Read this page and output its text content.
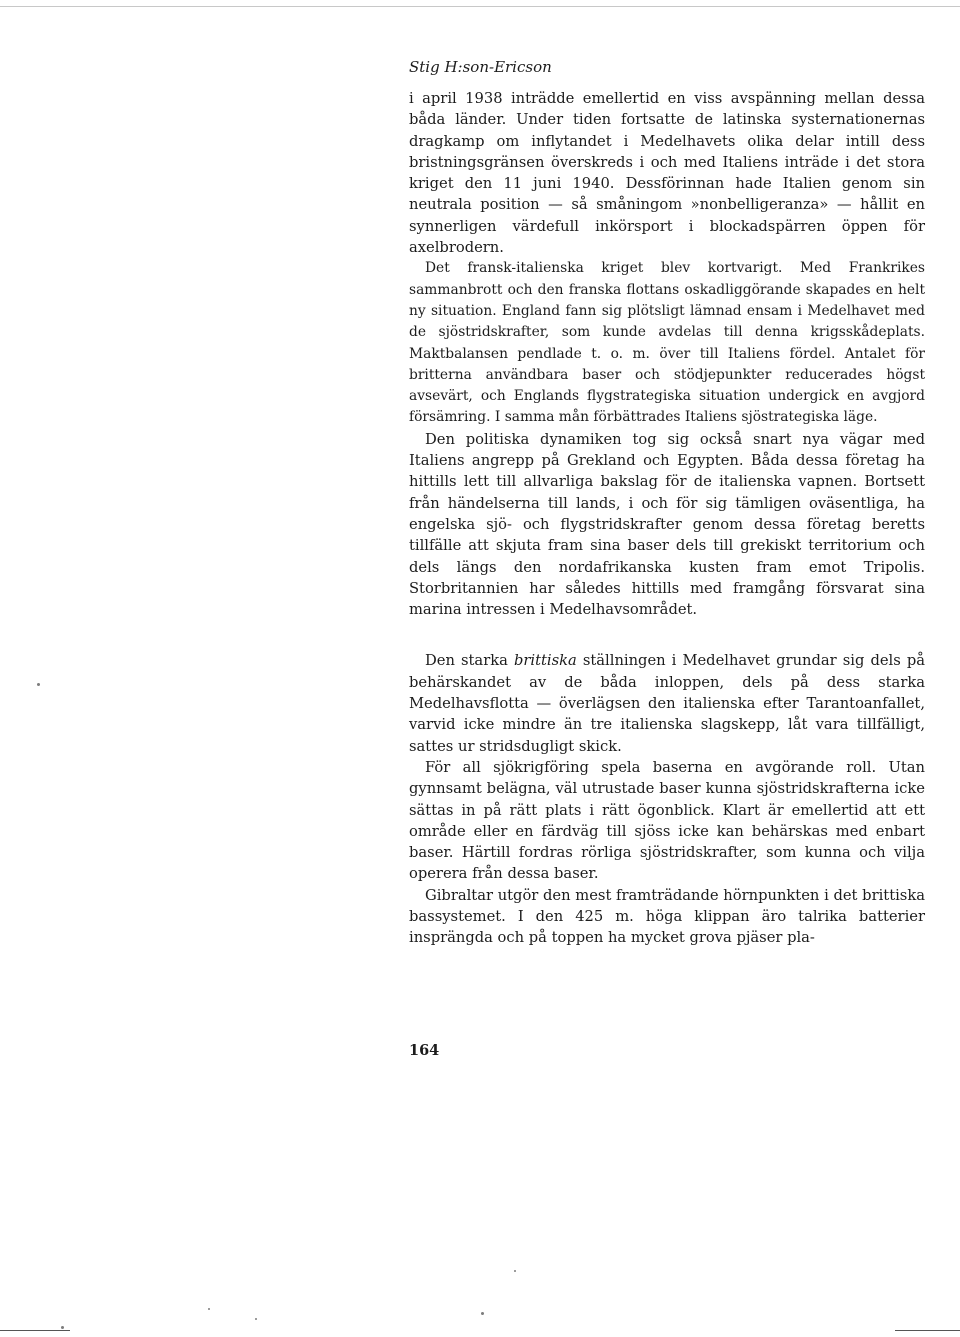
Stig H:son-Ericson

i april 1938 inträdde emellertid en viss avspänning mellan dessa båda länder. Under tiden fortsatte de latinska systernationernas dragkamp om inflytandet i Medelhavets olika delar intill dess bristningsgränsen överskreds i och med Italiens inträde i det stora kriget den 11 juni 1940. Dessförinnan hade Italien genom sin neutrala position — så småningom »nonbelligeranza» — hållit en synnerligen värdefull inkörsport i blockadspärren öppen för axelbrodern.

Det fransk-italienska kriget blev kortvarigt. Med Frankrikes sammanbrott och den franska flottans oskadliggörande skapades en helt ny situation. England fann sig plötsligt lämnad ensam i Medelhavet med de sjöstridskrafter, som kunde avdelas till denna krigsskådeplats. Maktbalansen pendlade t. o. m. över till Italiens fördel. Antalet för britterna användbara baser och stödjepunkter reducerades högst avsevärt, och Englands flygstrategiska situation undergick en avgjord försämring. I samma mån förbättrades Italiens sjöstrategiska läge.

Den politiska dynamiken tog sig också snart nya vägar med Italiens angrepp på Grekland och Egypten. Båda dessa företag ha hittills lett till allvarliga bakslag för de italienska vapnen. Bortsett från händelserna till lands, i och för sig tämligen oväsentliga, ha engelska sjö- och flygstridskrafter genom dessa företag beretts tillfälle att skjuta fram sina baser dels till grekiskt territorium och dels längs den nordafrikanska kusten fram emot Tripolis. Storbritannien har således hittills med framgång försvarat sina marina intressen i Medelhavsområdet.

Den starka brittiska ställningen i Medelhavet grundar sig dels på behärskandet av de båda inloppen, dels på dess starka Medelhavsflotta — överlägsen den italienska efter Tarantoanfallet, varvid icke mindre än tre italienska slagskepp, låt vara tillfälligt, sattes ur stridsdugligt skick.

För all sjökrigföring spela baserna en avgörande roll. Utan gynnsamt belägna, väl utrustade baser kunna sjöstridskrafterna icke sättas in på rätt plats i rätt ögonblick. Klart är emellertid att ett område eller en färdväg till sjöss icke kan behärskas med enbart baser. Härtill fordras rörliga sjöstridskrafter, som kunna och vilja operera från dessa baser.

Gibraltar utgör den mest framträdande hörnpunkten i det brittiska bassystemet. I den 425 m. höga klippan äro talrika batterier insprängda och på toppen ha mycket grova pjäser pla-

164
